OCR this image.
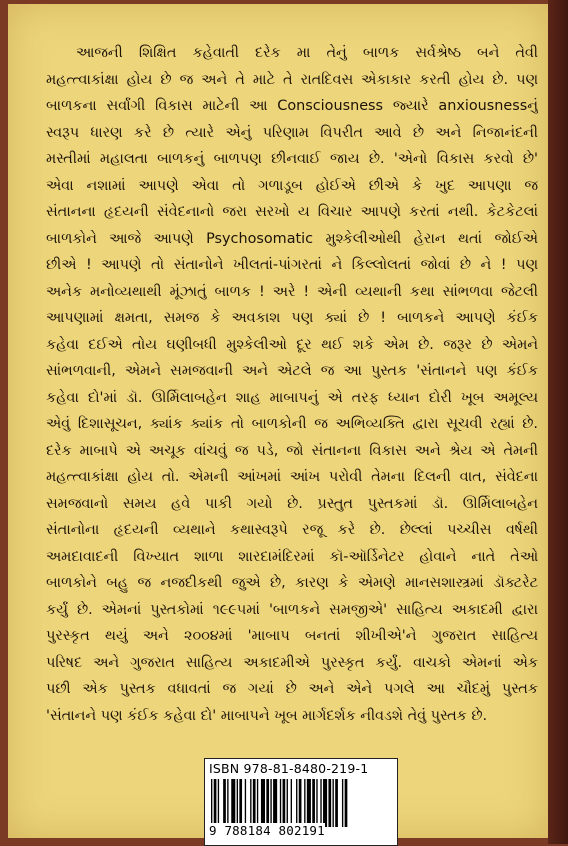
આજની શિક્ષિત કહેવાતી દરેક મા તેનું બાળક સર્વશ્રેષ્ઠ બને તેવી
મહત્ત્વાકાંક્ષા હોય છે જ અને તે માટે તે રાતદિવસ એકાકાર કરતી હોય છે. પણ
બાળકના સર્વાંગી વિકાસ માટેની આ Consciousness જ્યારે anxiousnessનું
સ્વરૂપ ધારણ કરે છે ત્યારે એનું પરિણામ વિપરીત આવે છે અને નિજાનંદની
મસ્તીમાં મહાલતા બાળકનું બાળપણ છીનવાઈ જાય છે. 'એનો વિકાસ કરવો છે'
એવા નશામાં આપણે એવા તો ગળાડૂબ હોઈએ છીએ કે ખુદ આપણા જ
સંતાનના હૃદયની સંવેદનાનો જરા સરખો ય વિચાર આપણે કરતાં નથી. કેટકેટલાં
બાળકોને આજે આપણે Psychosomatic મુશ્કેલીઓથી હેરાન થતાં જોઈએ
છીએ ! આપણે તો સંતાનોને ખીલતાં-પાંગરતાં ને કિલ્લોલતાં જોવાં છે ને ! પણ
અનેક મનોવ્યથાથી મૂંઝાતું બાળક ! અરે ! એની વ્યથાની કથા સાંભળવા જેટલી
આપણામાં ક્ષમતા, સમજ કે અવકાશ પણ ક્યાં છે ! બાળકને આપણે કંઈક
કહેવા દઈએ તોય ઘણીબધી મુશ્કેલીઓ દૂર થઈ શકે એમ છે. જરૂર છે એમને
સાંભળવાની, એમને સમજવાની અને એટલે જ આ પુસ્તક 'સંતાનને પણ કંઈક
કહેવા દો'માં ડૉ. ઊર્મિલાબહેન શાહ માબાપનું એ તરફ ધ્યાન દોરી ખૂબ અમૂલ્ય
એવું દિશાસૂચન, ક્યાંક ક્યાંક તો બાળકોની જ અભિવ્યક્તિ દ્વારા સૂચવી રહ્યાં છે.
દરેક માબાપે એ અચૂક વાંચવું જ પડે, જો સંતાનના વિકાસ અને શ્રેય એ તેમની
મહત્ત્વાકાંક્ષા હોય તો. એમની આંખમાં આંખ પરોવી તેમના દિલની વાત, સંવેદના
સમજવાનો સમય હવે પાકી ગયો છે. પ્રસ્તુત પુસ્તકમાં ડૉ. ઊર્મિલાબહેન
સંતાનોના હૃદયની વ્યથાને કથાસ્વરૂપે રજૂ કરે છે. છેલ્લાં પચ્ચીસ વર્ષથી
અમદાવાદની વિખ્યાત શાળા શારદામંદિરમાં કૉ-ઑર્ડિનેટર હોવાને નાતે તેઓ
બાળકોને બહુ જ નજદીકથી જુએ છે, કારણ કે એમણે માનસશાસ્ત્રમાં ડૉક્ટરેટ
કર્યું છે. એમનાં પુસ્તકોમાં ૧૯૯૫માં 'બાળકને સમજીએ' સાહિત્ય અકાદમી દ્વારા
પુરસ્કૃત થયું અને ૨૦૦૪માં 'માબાપ બનતાં શીખીએ'ને ગુજરાત સાહિત્ય
પરિષદ અને ગુજરાત સાહિત્ય અકાદમીએ પુરસ્કૃત કર્યું. વાચકો એમનાં એક
પછી એક પુસ્તક વધાવતાં જ ગયાં છે અને એને પગલે આ ચૌદમું પુસ્તક
'સંતાનને પણ કંઈક કહેવા દો' માબાપને ખૂબ માર્ગદર્શક નીવડશે તેવું પુસ્તક છે.
ISBN 978-81-8480-219-1
9 788184 802191
